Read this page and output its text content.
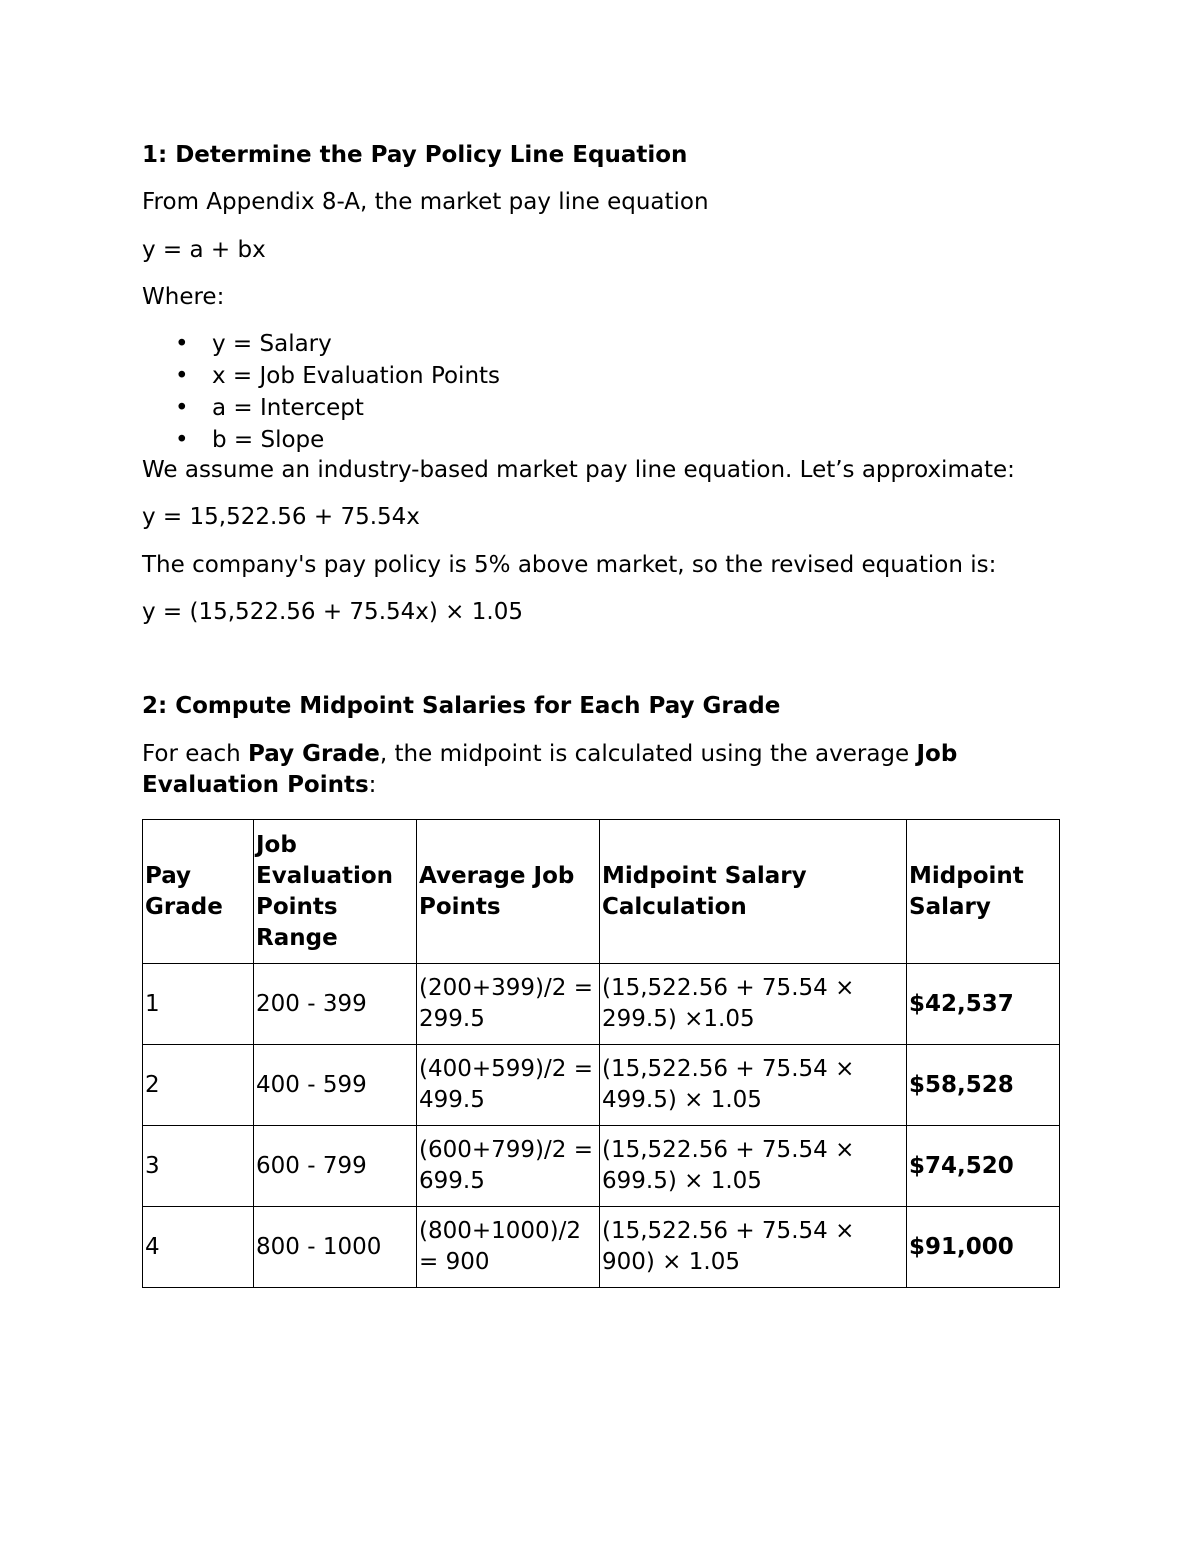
1: Determine the Pay Policy Line Equation
From Appendix 8-A, the market pay line equation
y = a + bx
Where:
• y = Salary
• x = Job Evaluation Points
• a = Intercept
• b = Slope
We assume an industry-based market pay line equation. Let’s approximate:
y = 15,522.56 + 75.54x
The company's pay policy is 5% above market, so the revised equation is:
y = (15,522.56 + 75.54x) × 1.05
2: Compute Midpoint Salaries for Each Pay Grade
For each Pay Grade, the midpoint is calculated using the average Job Evaluation Points:
Pay Grade	Job Evaluation Points Range	Average Job Points	Midpoint Salary Calculation	Midpoint Salary
1	200 - 399	(200+399)/2 = 299.5	(15,522.56 + 75.54 × 299.5) ×1.05	$42,537
2	400 - 599	(400+599)/2 = 499.5	(15,522.56 + 75.54 × 499.5) × 1.05	$58,528
3	600 - 799	(600+799)/2 = 699.5	(15,522.56 + 75.54 × 699.5) × 1.05	$74,520
4	800 - 1000	(800+1000)/2 = 900	(15,522.56 + 75.54 × 900) × 1.05	$91,000
